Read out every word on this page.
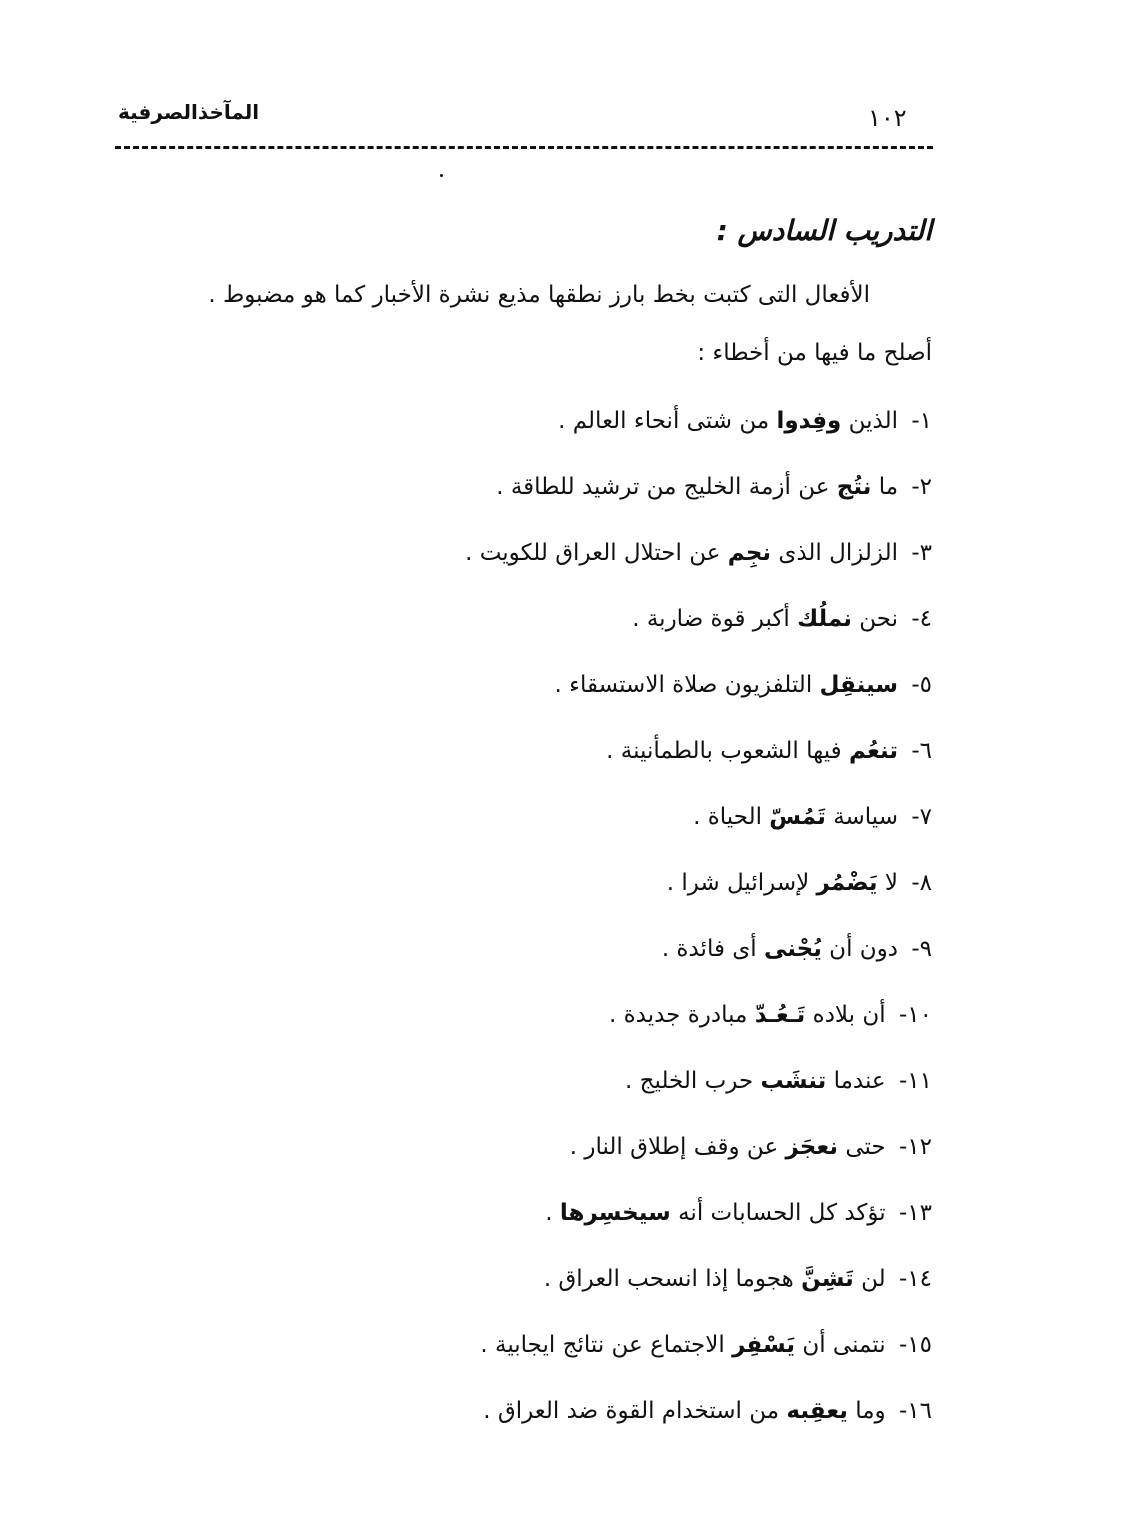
المآخذالصرفية	١٠٢
التدريب السادس :
الأفعال التى كتبت بخط بارز نطقها مذيع نشرة الأخبار كما هو مضبوط .
أصلح ما فيها من أخطاء :
١- الذين وفِدوا من شتى أنحاء العالم .
٢- ما نتُج عن أزمة الخليج من ترشيد للطاقة .
٣- الزلزال الذى نجِم عن احتلال العراق للكويت .
٤- نحن نملُك أكبر قوة ضاربة .
٥- سينقِل التلفزيون صلاة الاستسقاء .
٦- تنعُم فيها الشعوب بالطمأنينة .
٧- سياسة تَمُسّ الحياة .
٨- لا يَضْمُر لإسرائيل شرا .
٩- دون أن يُجْنى أى فائدة .
١٠- أن بلاده تَـعُـدّ مبادرة جديدة .
١١- عندما تنشَب حرب الخليج .
١٢- حتى نعجَز عن وقف إطلاق النار .
١٣- تؤكد كل الحسابات أنه سيخسِرها .
١٤- لن تَشِنَّ هجوما إذا انسحب العراق .
١٥- نتمنى أن يَسْفِر الاجتماع عن نتائج ايجابية .
١٦- وما يعقِبه من استخدام القوة ضد العراق .
